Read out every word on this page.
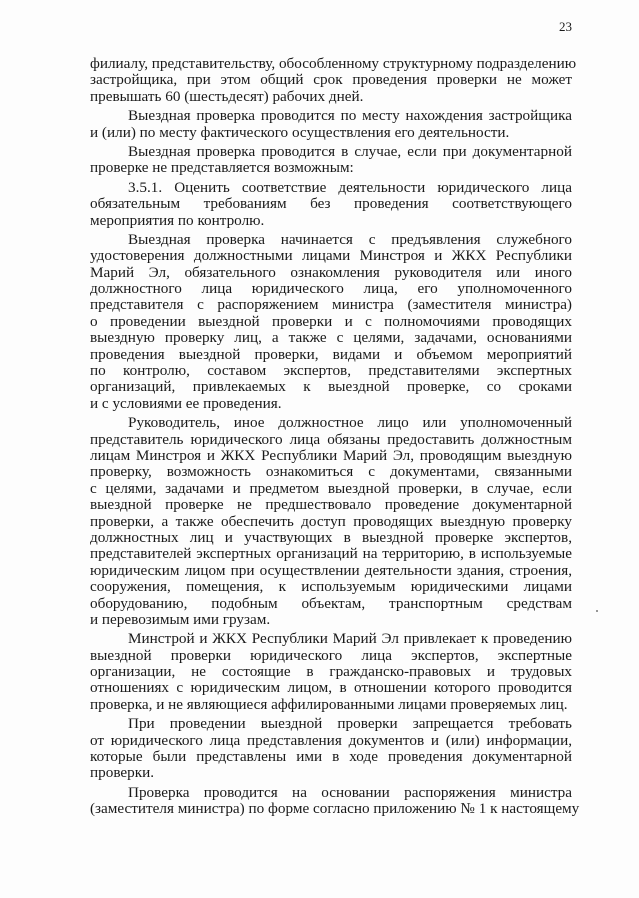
23
филиалу, представительству, обособленному структурному подразделению
застройщика, при этом общий срок проведения проверки не может
превышать 60 (шестьдесят) рабочих дней.
Выездная проверка проводится по месту нахождения застройщика
и (или) по месту фактического осуществления его деятельности.
Выездная проверка проводится в случае, если при документарной
проверке не представляется возможным:
3.5.1. Оценить соответствие деятельности юридического лица
обязательным требованиям без проведения соответствующего
мероприятия по контролю.
Выездная проверка начинается с предъявления служебного
удостоверения должностными лицами Минстроя и ЖКХ Республики
Марий Эл, обязательного ознакомления руководителя или иного
должностного лица юридического лица, его уполномоченного
представителя с распоряжением министра (заместителя министра)
о проведении выездной проверки и с полномочиями проводящих
выездную проверку лиц, а также с целями, задачами, основаниями
проведения выездной проверки, видами и объемом мероприятий
по контролю, составом экспертов, представителями экспертных
организаций, привлекаемых к выездной проверке, со сроками
и с условиями ее проведения.
Руководитель, иное должностное лицо или уполномоченный
представитель юридического лица обязаны предоставить должностным
лицам Минстроя и ЖКХ Республики Марий Эл, проводящим выездную
проверку, возможность ознакомиться с документами, связанными
с целями, задачами и предметом выездной проверки, в случае, если
выездной проверке не предшествовало проведение документарной
проверки, а также обеспечить доступ проводящих выездную проверку
должностных лиц и участвующих в выездной проверке экспертов,
представителей экспертных организаций на территорию, в используемые
юридическим лицом при осуществлении деятельности здания, строения,
сооружения, помещения, к используемым юридическими лицами
оборудованию, подобным объектам, транспортным средствам
и перевозимым ими грузам.
Минстрой и ЖКХ Республики Марий Эл привлекает к проведению
выездной проверки юридического лица экспертов, экспертные
организации, не состоящие в гражданско-правовых и трудовых
отношениях с юридическим лицом, в отношении которого проводится
проверка, и не являющиеся аффилированными лицами проверяемых лиц.
При проведении выездной проверки запрещается требовать
от юридического лица представления документов и (или) информации,
которые были представлены ими в ходе проведения документарной
проверки.
Проверка проводится на основании распоряжения министра
(заместителя министра) по форме согласно приложению № 1 к настоящему
